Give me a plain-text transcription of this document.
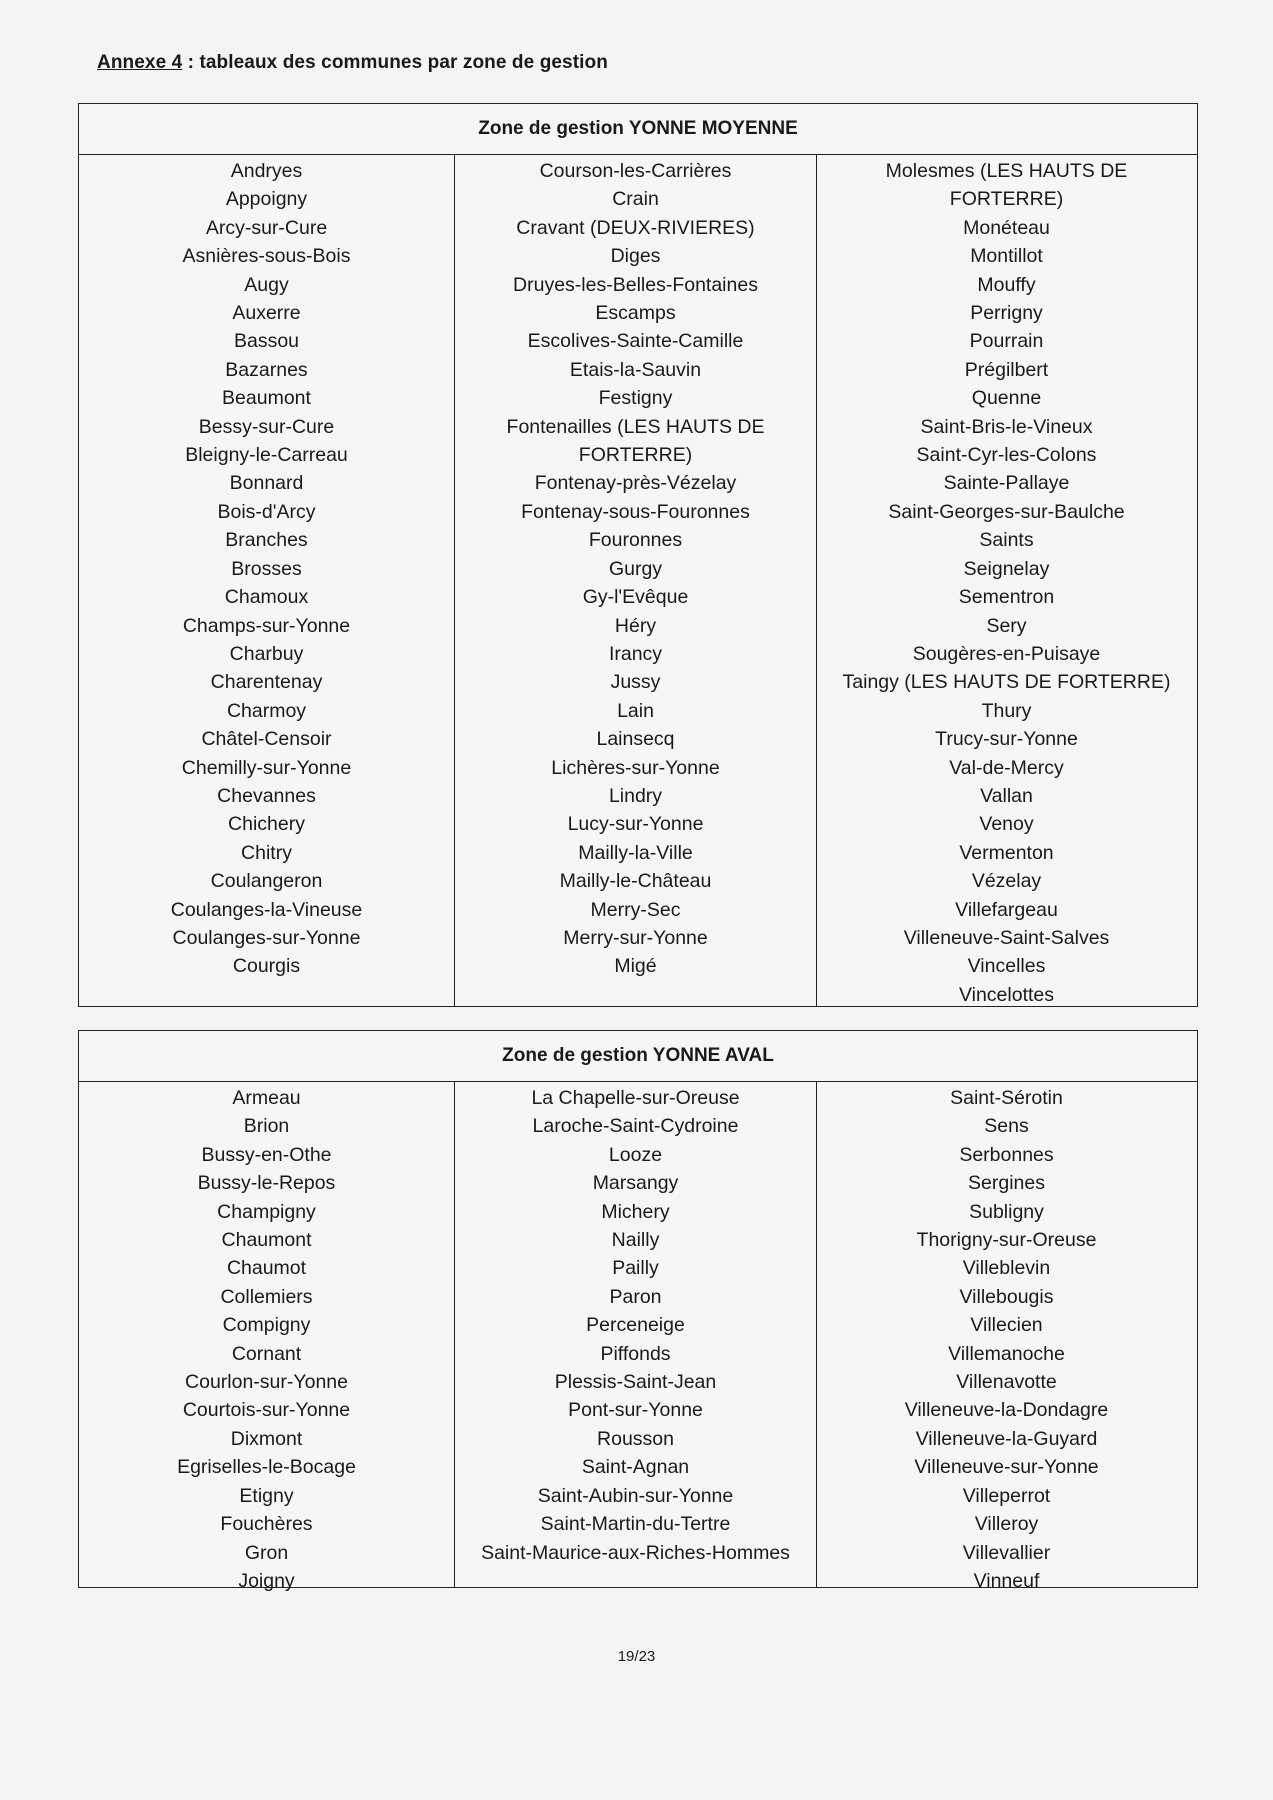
Annexe 4 : tableaux des communes par zone de gestion
Zone de gestion YONNE MOYENNE
Andryes
Appoigny
Arcy-sur-Cure
Asnières-sous-Bois
Augy
Auxerre
Bassou
Bazarnes
Beaumont
Bessy-sur-Cure
Bleigny-le-Carreau
Bonnard
Bois-d'Arcy
Branches
Brosses
Chamoux
Champs-sur-Yonne
Charbuy
Charentenay
Charmoy
Châtel-Censoir
Chemilly-sur-Yonne
Chevannes
Chichery
Chitry
Coulangeron
Coulanges-la-Vineuse
Coulanges-sur-Yonne
Courgis
Courson-les-Carrières
Crain
Cravant (DEUX-RIVIERES)
Diges
Druyes-les-Belles-Fontaines
Escamps
Escolives-Sainte-Camille
Etais-la-Sauvin
Festigny
Fontenailles (LES HAUTS DE FORTERRE)
Fontenay-près-Vézelay
Fontenay-sous-Fouronnes
Fouronnes
Gurgy
Gy-l'Evêque
Héry
Irancy
Jussy
Lain
Lainsecq
Lichères-sur-Yonne
Lindry
Lucy-sur-Yonne
Mailly-la-Ville
Mailly-le-Château
Merry-Sec
Merry-sur-Yonne
Migé
Molesmes (LES HAUTS DE FORTERRE)
Monéteau
Montillot
Mouffy
Perrigny
Pourrain
Prégilbert
Quenne
Saint-Bris-le-Vineux
Saint-Cyr-les-Colons
Sainte-Pallaye
Saint-Georges-sur-Baulche
Saints
Seignelay
Sementron
Sery
Sougères-en-Puisaye
Taingy (LES HAUTS DE FORTERRE)
Thury
Trucy-sur-Yonne
Val-de-Mercy
Vallan
Venoy
Vermenton
Vézelay
Villefargeau
Villeneuve-Saint-Salves
Vincelles
Vincelottes
Zone de gestion YONNE AVAL
Armeau
Brion
Bussy-en-Othe
Bussy-le-Repos
Champigny
Chaumont
Chaumot
Collemiers
Compigny
Cornant
Courlon-sur-Yonne
Courtois-sur-Yonne
Dixmont
Egriselles-le-Bocage
Etigny
Fouchères
Gron
Joigny
La Chapelle-sur-Oreuse
Laroche-Saint-Cydroine
Looze
Marsangy
Michery
Nailly
Pailly
Paron
Perceneige
Piffonds
Plessis-Saint-Jean
Pont-sur-Yonne
Rousson
Saint-Agnan
Saint-Aubin-sur-Yonne
Saint-Martin-du-Tertre
Saint-Maurice-aux-Riches-Hommes
Saint-Sérotin
Sens
Serbonnes
Sergines
Subligny
Thorigny-sur-Oreuse
Villeblevin
Villebougis
Villecien
Villemanoche
Villenavotte
Villeneuve-la-Dondagre
Villeneuve-la-Guyard
Villeneuve-sur-Yonne
Villeperrot
Villeroy
Villevallier
Vinneuf
19/23
